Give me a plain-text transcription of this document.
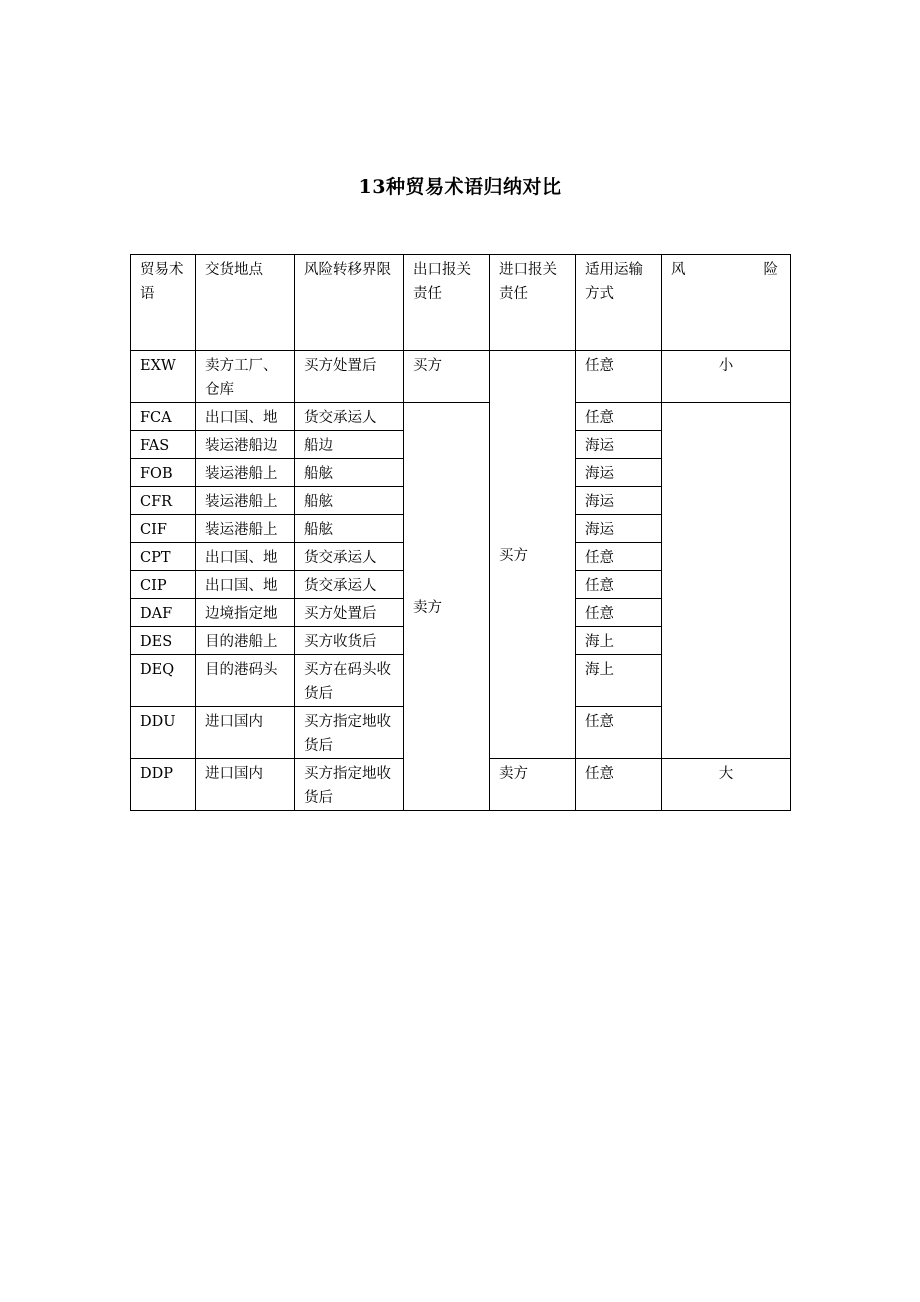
13种贸易术语归纳对比
贸易术语	交货地点	风险转移界限	出口报关责任	进口报关责任	适用运输方式	风 险

EXW	卖方工厂、仓库	买方处置后	买方	买方	任意	小
FCA	出口国、地	货交承运人	卖方		任意	
FAS	装运港船边	船边			海运	
FOB	装运港船上	船舷			海运	
CFR	装运港船上	船舷			海运	
CIF	装运港船上	船舷			海运	
CPT	出口国、地	货交承运人			任意	
CIP	出口国、地	货交承运人			任意	
DAF	边境指定地	买方处置后			任意	
DES	目的港船上	买方收货后			海上	
DEQ	目的港码头	买方在码头收货后			海上	
DDU	进口国内	买方指定地收货后			任意	
DDP	进口国内	买方指定地收货后		卖方	任意	大
